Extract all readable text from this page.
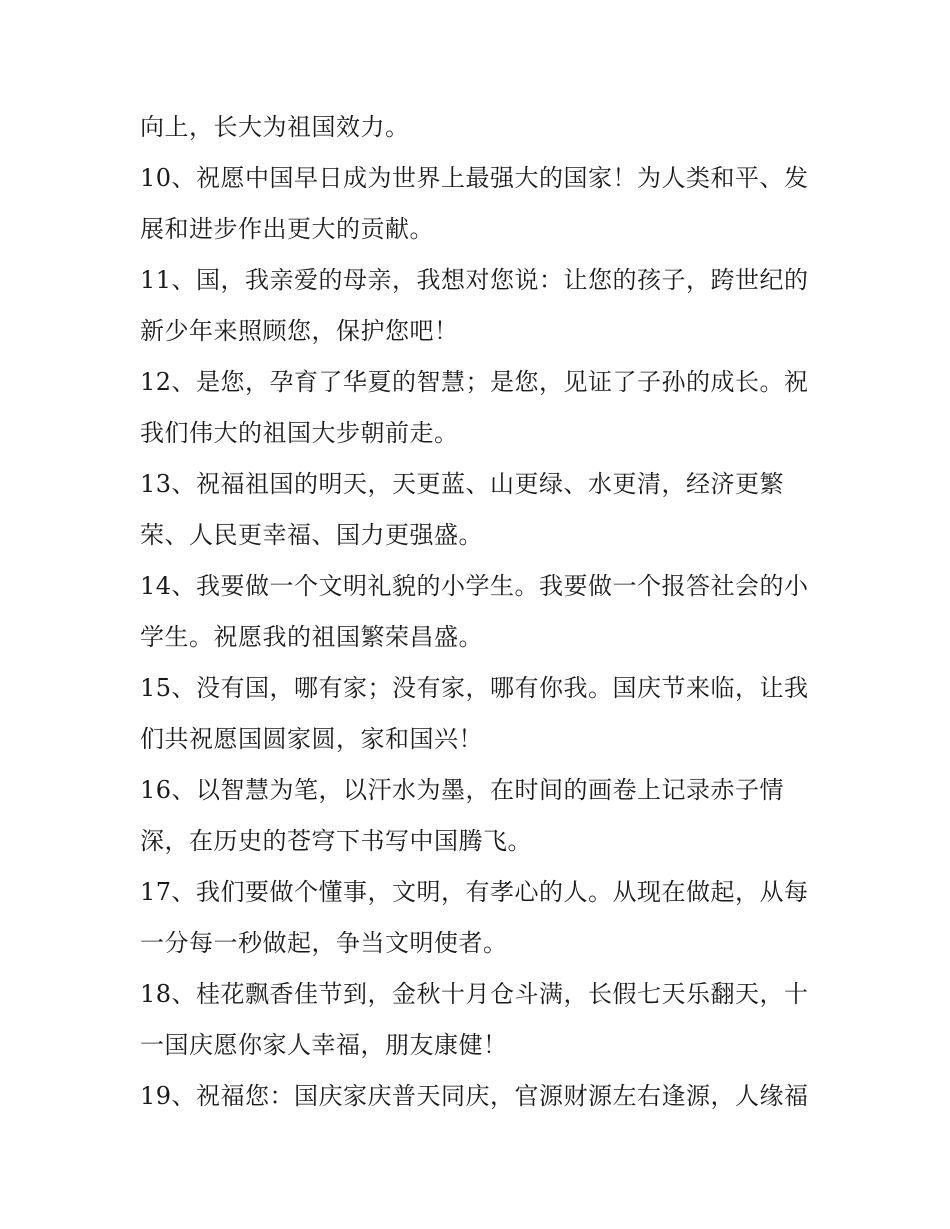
向上，长大为祖国效力。
10、祝愿中国早日成为世界上最强大的国家！为人类和平、发
展和进步作出更大的贡献。
11、国，我亲爱的母亲，我想对您说：让您的孩子，跨世纪的
新少年来照顾您，保护您吧！
12、是您，孕育了华夏的智慧；是您，见证了子孙的成长。祝
我们伟大的祖国大步朝前走。
13、祝福祖国的明天，天更蓝、山更绿、水更清，经济更繁
荣、人民更幸福、国力更强盛。
14、我要做一个文明礼貌的小学生。我要做一个报答社会的小
学生。祝愿我的祖国繁荣昌盛。
15、没有国，哪有家；没有家，哪有你我。国庆节来临，让我
们共祝愿国圆家圆，家和国兴！
16、以智慧为笔，以汗水为墨，在时间的画卷上记录赤子情
深，在历史的苍穹下书写中国腾飞。
17、我们要做个懂事，文明，有孝心的人。从现在做起，从每
一分每一秒做起，争当文明使者。
18、桂花飘香佳节到，金秋十月仓斗满，长假七天乐翻天，十
一国庆愿你家人幸福，朋友康健！
19、祝福您：国庆家庆普天同庆，官源财源左右逢源，人缘福
